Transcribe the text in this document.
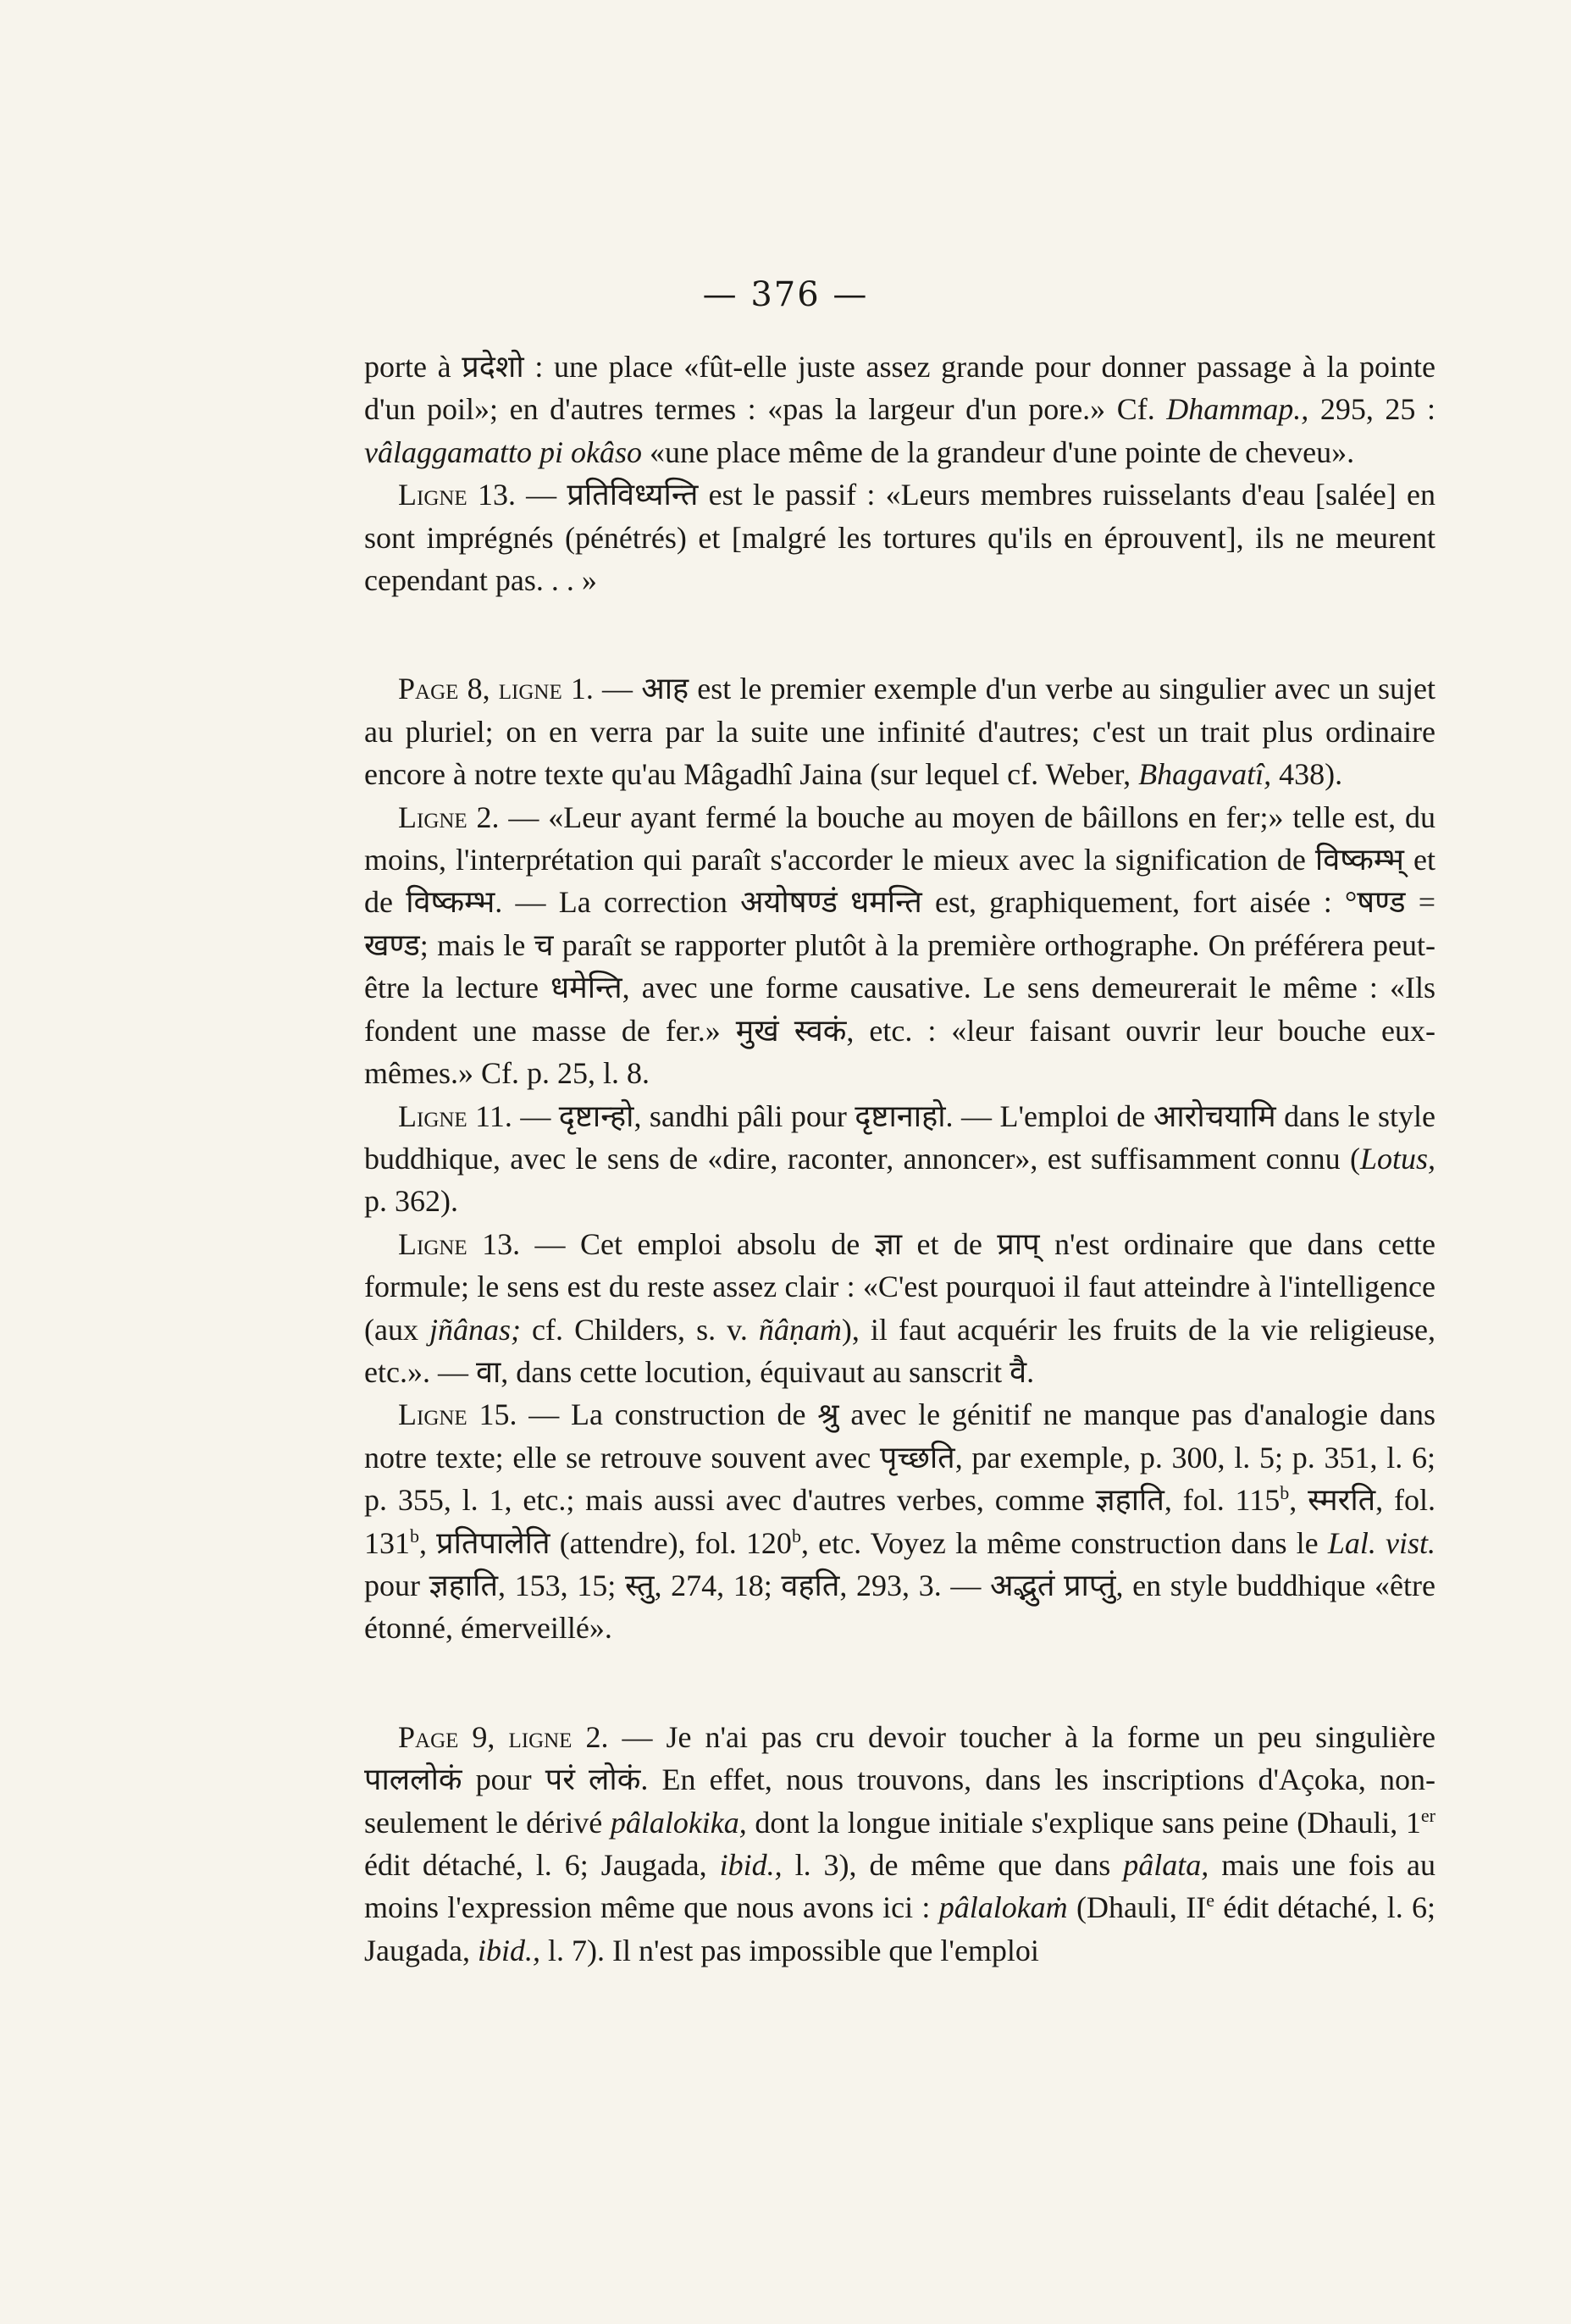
— 376 —

porte à प्रदेशो : une place «fût-elle juste assez grande pour donner passage à la pointe d'un poil»; en d'autres termes : «pas la largeur d'un pore.» Cf. Dhammap., 295, 25 : vâlaggamatto pi okâso «une place même de la grandeur d'une pointe de cheveu».

Ligne 13. — प्रतिविध्यन्ति est le passif : «Leurs membres ruisselants d'eau [salée] en sont imprégnés (pénétrés) et [malgré les tortures qu'ils en éprouvent], ils ne meurent cependant pas. . . »

Page 8, ligne 1. — आह est le premier exemple d'un verbe au singulier avec un sujet au pluriel; on en verra par la suite une infinité d'autres; c'est un trait plus ordinaire encore à notre texte qu'au Mâgadhî Jaina (sur lequel cf. Weber, Bhagavatî, 438).

Ligne 2. — «Leur ayant fermé la bouche au moyen de bâillons en fer;» telle est, du moins, l'interprétation qui paraît s'accorder le mieux avec la signification de विष्कम्भ् et de विष्कम्भ. — La correction अयोषण्डं धमन्ति est, graphiquement, fort aisée : °षण्ड = खण्ड; mais le च paraît se rapporter plutôt à la première orthographe. On préférera peut-être la lecture धमेन्ति, avec une forme causative. Le sens demeurerait le même : «Ils fondent une masse de fer.» मुखं स्वकं, etc. : «leur faisant ouvrir leur bouche eux-mêmes.» Cf. p. 25, l. 8.

Ligne 11. — दृष्टान्हो, sandhi pâli pour दृष्टानाहो. — L'emploi de आरोचयामि dans le style buddhique, avec le sens de «dire, raconter, annoncer», est suffisamment connu (Lotus, p. 362).

Ligne 13. — Cet emploi absolu de ज्ञा et de प्राप् n'est ordinaire que dans cette formule; le sens est du reste assez clair : «C'est pourquoi il faut atteindre à l'intelligence (aux jñânas; cf. Childers, s. v. ñâṇaṁ), il faut acquérir les fruits de la vie religieuse, etc.». — वा, dans cette locution, équivaut au sanscrit वै.

Ligne 15. — La construction de श्रु avec le génitif ne manque pas d'analogie dans notre texte; elle se retrouve souvent avec पृच्छति, par exemple, p. 300, l. 5; p. 351, l. 6; p. 355, l. 1, etc.; mais aussi avec d'autres verbes, comme ज्ञहाति, fol. 115$^b$, स्मरति, fol. 131$^b$, प्रतिपालेति (attendre), fol. 120$^b$, etc. Voyez la même construction dans le Lal. vist. pour ज्ञहाति, 153, 15; स्तु, 274, 18; वहति, 293, 3. — अद्भुतं प्राप्तुं, en style buddhique «être étonné, émerveillé».

Page 9, ligne 2. — Je n'ai pas cru devoir toucher à la forme un peu singulière पाललोकं pour परं लोकं. En effet, nous trouvons, dans les inscriptions d'Açoka, non-seulement le dérivé pâlalokika, dont la longue initiale s'explique sans peine (Dhauli, 1er édit détaché, l. 6; Jaugada, ibid., l. 3), de même que dans pâlata, mais une fois au moins l'expression même que nous avons ici : pâlalokaṁ (Dhauli, IIe édit détaché, l. 6; Jaugada, ibid., l. 7). Il n'est pas impossible que l'emploi
